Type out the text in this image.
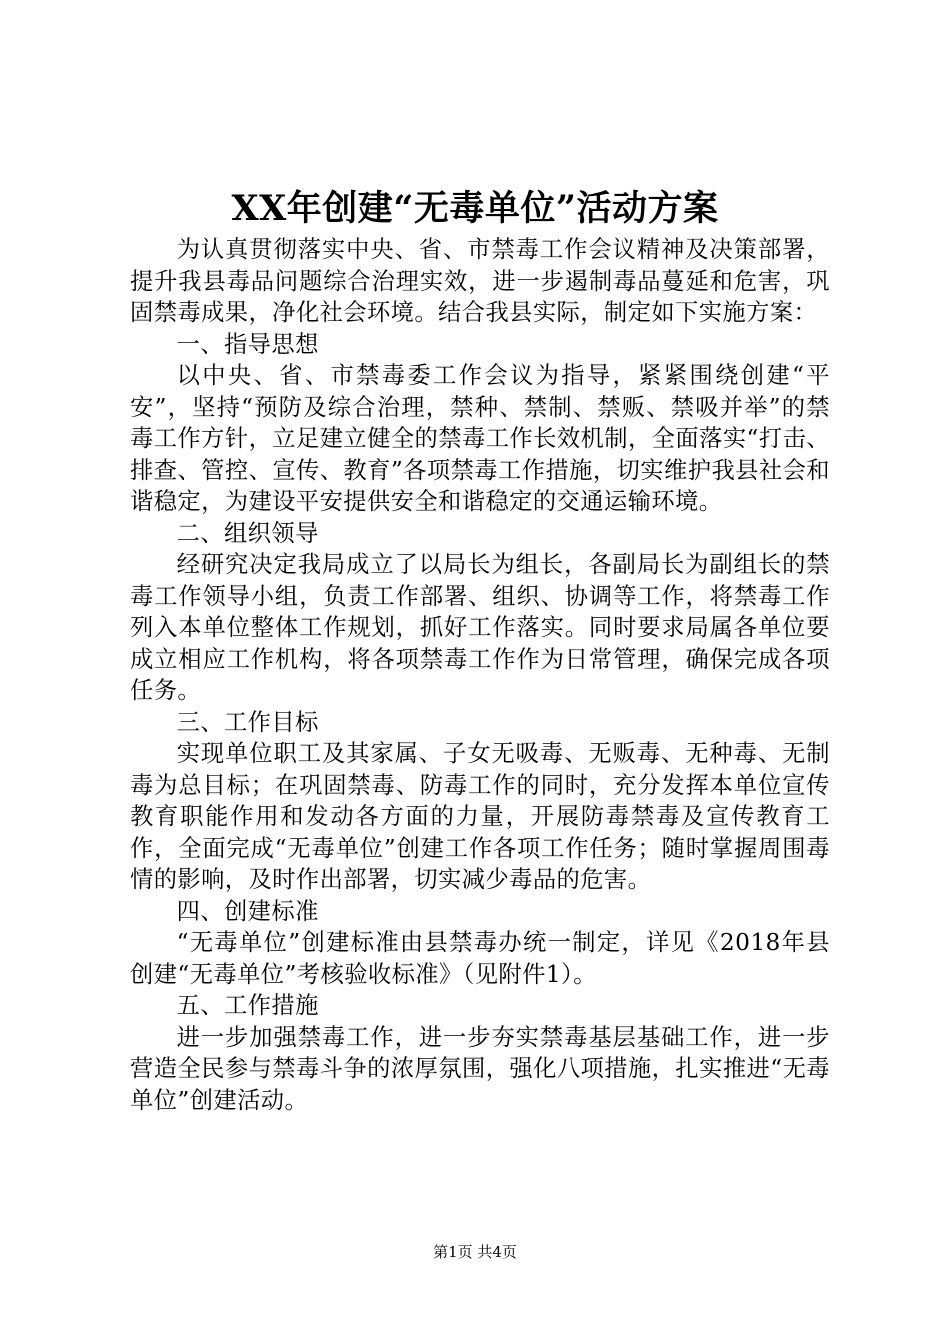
XX年创建“无毒单位”活动方案

为认真贯彻落实中央、省、市禁毒工作会议精神及决策部署，提升我县毒品问题综合治理实效，进一步遏制毒品蔓延和危害，巩固禁毒成果，净化社会环境。结合我县实际，制定如下实施方案：

一、指导思想

以中央、省、市禁毒委工作会议为指导，紧紧围绕创建“平安”，坚持“预防及综合治理，禁种、禁制、禁贩、禁吸并举”的禁毒工作方针，立足建立健全的禁毒工作长效机制，全面落实“打击、排查、管控、宣传、教育”各项禁毒工作措施，切实维护我县社会和谐稳定，为建设平安提供安全和谐稳定的交通运输环境。

二、组织领导

经研究决定我局成立了以局长为组长，各副局长为副组长的禁毒工作领导小组，负责工作部署、组织、协调等工作，将禁毒工作列入本单位整体工作规划，抓好工作落实。同时要求局属各单位要成立相应工作机构，将各项禁毒工作作为日常管理，确保完成各项任务。

三、工作目标

实现单位职工及其家属、子女无吸毒、无贩毒、无种毒、无制毒为总目标；在巩固禁毒、防毒工作的同时，充分发挥本单位宣传教育职能作用和发动各方面的力量，开展防毒禁毒及宣传教育工作，全面完成“无毒单位”创建工作各项工作任务；随时掌握周围毒情的影响，及时作出部署，切实减少毒品的危害。

四、创建标准

“无毒单位”创建标准由县禁毒办统一制定，详见《2018年县创建“无毒单位”考核验收标准》（见附件1）。

五、工作措施

进一步加强禁毒工作，进一步夯实禁毒基层基础工作，进一步营造全民参与禁毒斗争的浓厚氛围，强化八项措施，扎实推进“无毒单位”创建活动。

第1页 共4页
